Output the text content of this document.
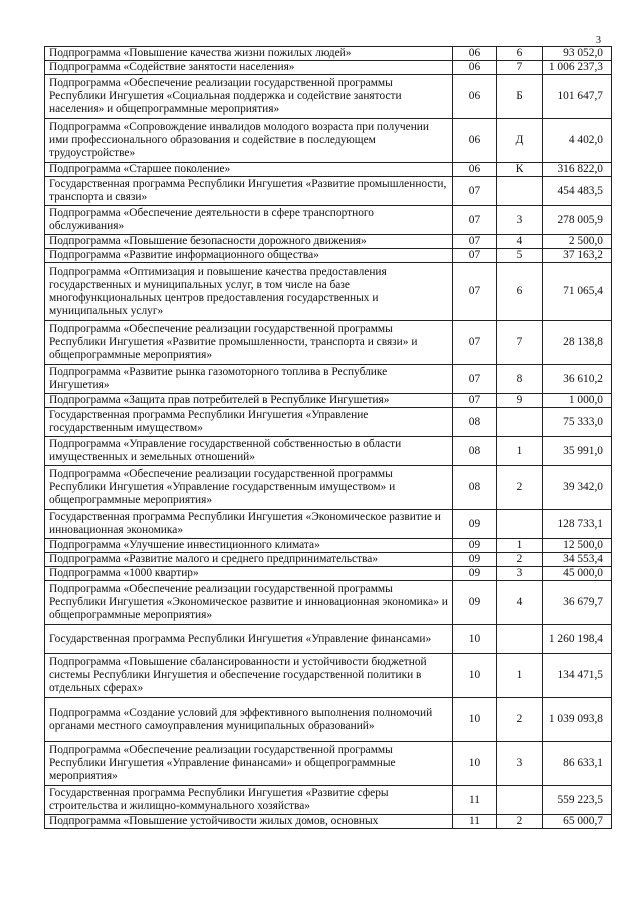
3
Подпрограмма «Повышение качества жизни пожилых людей»	06	6	93 052,0
Подпрограмма «Содействие занятости населения»	06	7	1 006 237,3
Подпрограмма «Обеспечение реализации государственной программы Республики Ингушетия «Социальная поддержка и содействие занятости населения» и общепрограммные мероприятия»	06	Б	101 647,7
Подпрограмма «Сопровождение инвалидов молодого возраста при получении ими профессионального образования и содействие в последующем трудоустройстве»	06	Д	4 402,0
Подпрограмма «Старшее поколение»	06	К	316 822,0
Государственная программа Республики Ингушетия «Развитие промышленности, транспорта и связи»	07		454 483,5
Подпрограмма «Обеспечение деятельности в сфере транспортного обслуживания»	07	3	278 005,9
Подпрограмма «Повышение безопасности дорожного движения»	07	4	2 500,0
Подпрограмма «Развитие информационного общества»	07	5	37 163,2
Подпрограмма «Оптимизация и повышение качества предоставления государственных и муниципальных услуг, в том числе на базе многофункциональных центров предоставления государственных и муниципальных услуг»	07	6	71 065,4
Подпрограмма «Обеспечение реализации государственной программы Республики Ингушетия «Развитие промышленности, транспорта и связи» и общепрограммные мероприятия»	07	7	28 138,8
Подпрограмма «Развитие рынка газомоторного топлива в Республике Ингушетия»	07	8	36 610,2
Подпрограмма «Защита прав потребителей в Республике Ингушетия»	07	9	1 000,0
Государственная программа Республики Ингушетия «Управление государственным имуществом»	08		75 333,0
Подпрограмма «Управление государственной собственностью в области имущественных и земельных отношений»	08	1	35 991,0
Подпрограмма «Обеспечение реализации государственной программы Республики Ингушетия «Управление государственным имуществом» и общепрограммные мероприятия»	08	2	39 342,0
Государственная программа Республики Ингушетия «Экономическое развитие и инновационная экономика»	09		128 733,1
Подпрограмма «Улучшение инвестиционного климата»	09	1	12 500,0
Подпрограмма «Развитие малого и среднего предпринимательства»	09	2	34 553,4
Подпрограмма «1000 квартир»	09	3	45 000,0
Подпрограмма «Обеспечение реализации государственной программы Республики Ингушетия «Экономическое развитие и инновационная экономика» и общепрограммные мероприятия»	09	4	36 679,7
Государственная программа Республики Ингушетия «Управление финансами»	10		1 260 198,4
Подпрограмма «Повышение сбалансированности и устойчивости бюджетной системы Республики Ингушетия и обеспечение государственной политики в отдельных сферах»	10	1	134 471,5
Подпрограмма «Создание условий для эффективного выполнения полномочий органами местного самоуправления муниципальных образований»	10	2	1 039 093,8
Подпрограмма «Обеспечение реализации государственной программы Республики Ингушетия «Управление финансами» и общепрограммные мероприятия»	10	3	86 633,1
Государственная программа Республики Ингушетия «Развитие сферы строительства и жилищно-коммунального хозяйства»	11		559 223,5
Подпрограмма «Повышение устойчивости жилых домов, основных	11	2	65 000,7
